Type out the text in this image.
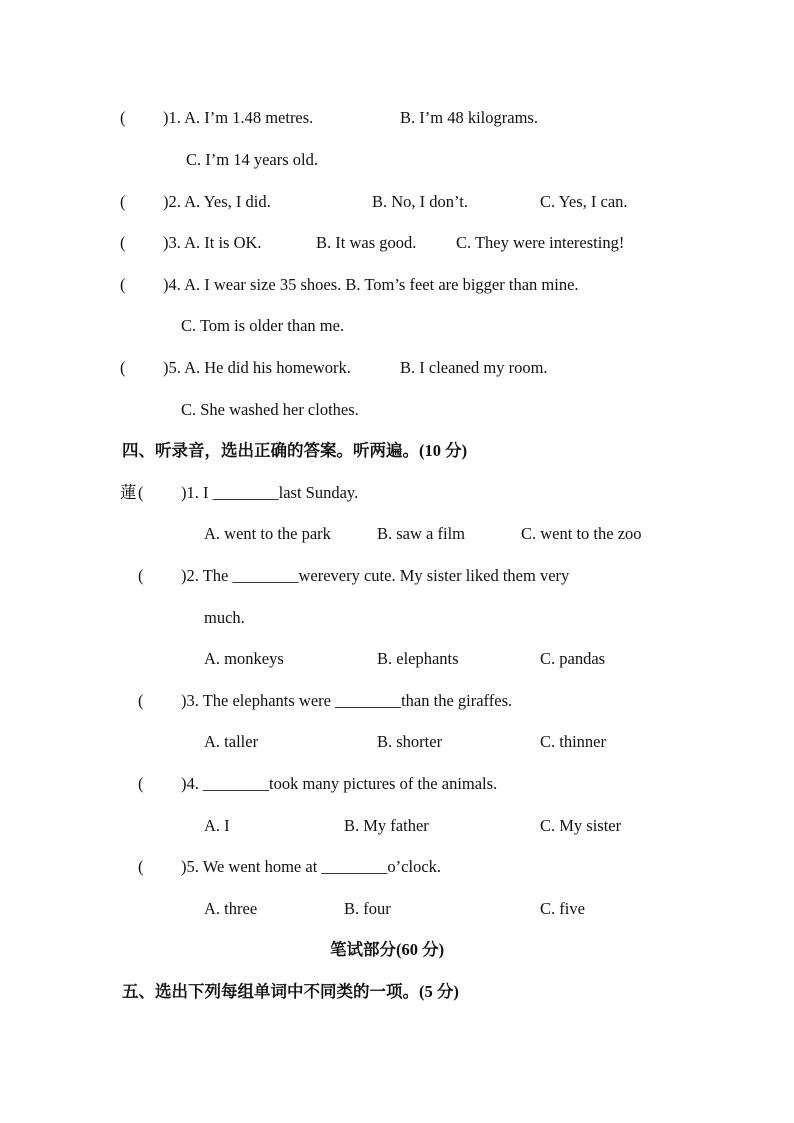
( )1. A. I’m 1.48 metres.	B. I’m 48 kilograms.
C. I’m 14 years old.
( )2. A. Yes, I did.	B. No, I don’t.	C. Yes, I can.
( )3. A. It is OK.	B. It was good. C. They were interesting!
( )4. A. I wear size 35 shoes. B. Tom’s feet are bigger than mine.
C. Tom is older than me.
( )5. A. He did his homework.	B. I cleaned my room.
C. She washed her clothes.
四、听录音，选出正确的答案。听两遍。(10 分)
蓮 ( )1. I ________last Sunday.
A. went to the park	B. saw a film	C. went to the zoo
( )2. The ________werevery cute. My sister liked them very
much.
A. monkeys	B. elephants	C. pandas
( )3. The elephants were ________than the giraffes.
A. taller	B. shorter	C. thinner
( )4. ________took many pictures of the animals.
A. I	B. My father	C. My sister
( )5. We went home at ________o’clock.
A. three	B. four	C. five
笔试部分(60 分)
五、选出下列每组单词中不同类的一项。(5 分)
